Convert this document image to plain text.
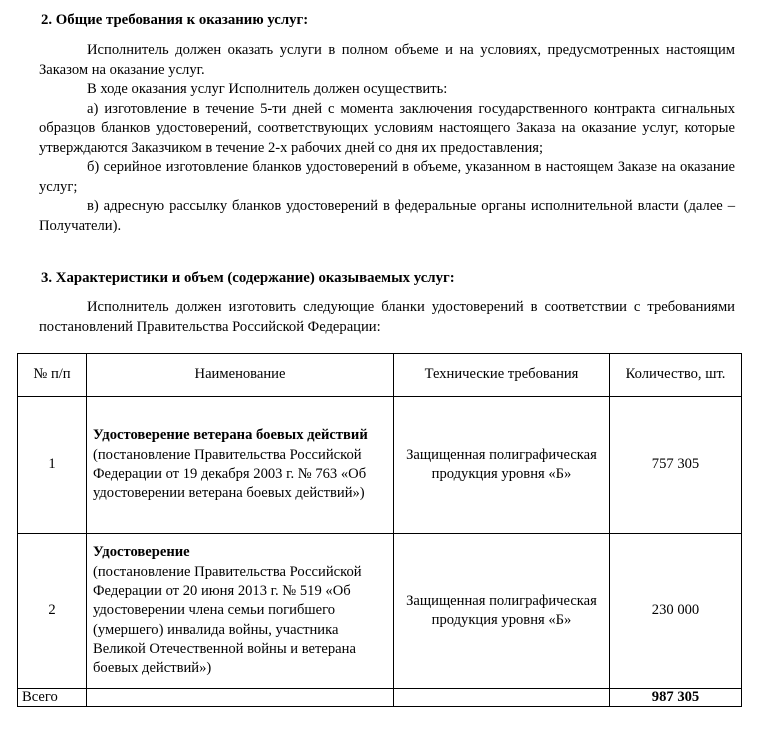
2. Общие требования к оказанию услуг:

Исполнитель должен оказать услуги в полном объеме и на условиях, предусмотренных настоящим Заказом на оказание услуг.

В ходе оказания услуг Исполнитель должен осуществить:

а) изготовление в течение 5-ти дней с момента заключения государственного контракта сигнальных образцов бланков удостоверений, соответствующих условиям настоящего Заказа на оказание услуг, которые утверждаются Заказчиком в течение 2-х рабочих дней со дня их предоставления;

б) серийное изготовление бланков удостоверений в объеме, указанном в настоящем Заказе на оказание услуг;

в) адресную рассылку бланков удостоверений в федеральные органы исполнительной власти (далее – Получатели).

3. Характеристики и объем (содержание) оказываемых услуг:

Исполнитель должен изготовить следующие бланки удостоверений в соответствии с требованиями постановлений Правительства Российской Федерации:

№ п/п	Наименование	Технические требования	Количество, шт.
1	Удостоверение ветерана боевых действий
(постановление Правительства Российской Федерации от 19 декабря 2003 г. № 763 «Об удостоверении ветерана боевых действий»)	Защищенная полиграфическая продукция уровня «Б»	757 305
2	Удостоверение
(постановление Правительства Российской Федерации от 20 июня 2013 г. № 519 «Об удостоверении члена семьи погибшего (умершего) инвалида войны, участника Великой Отечественной войны и ветерана боевых действий»)	Защищенная полиграфическая продукция уровня «Б»	230 000
Всего			987 305
